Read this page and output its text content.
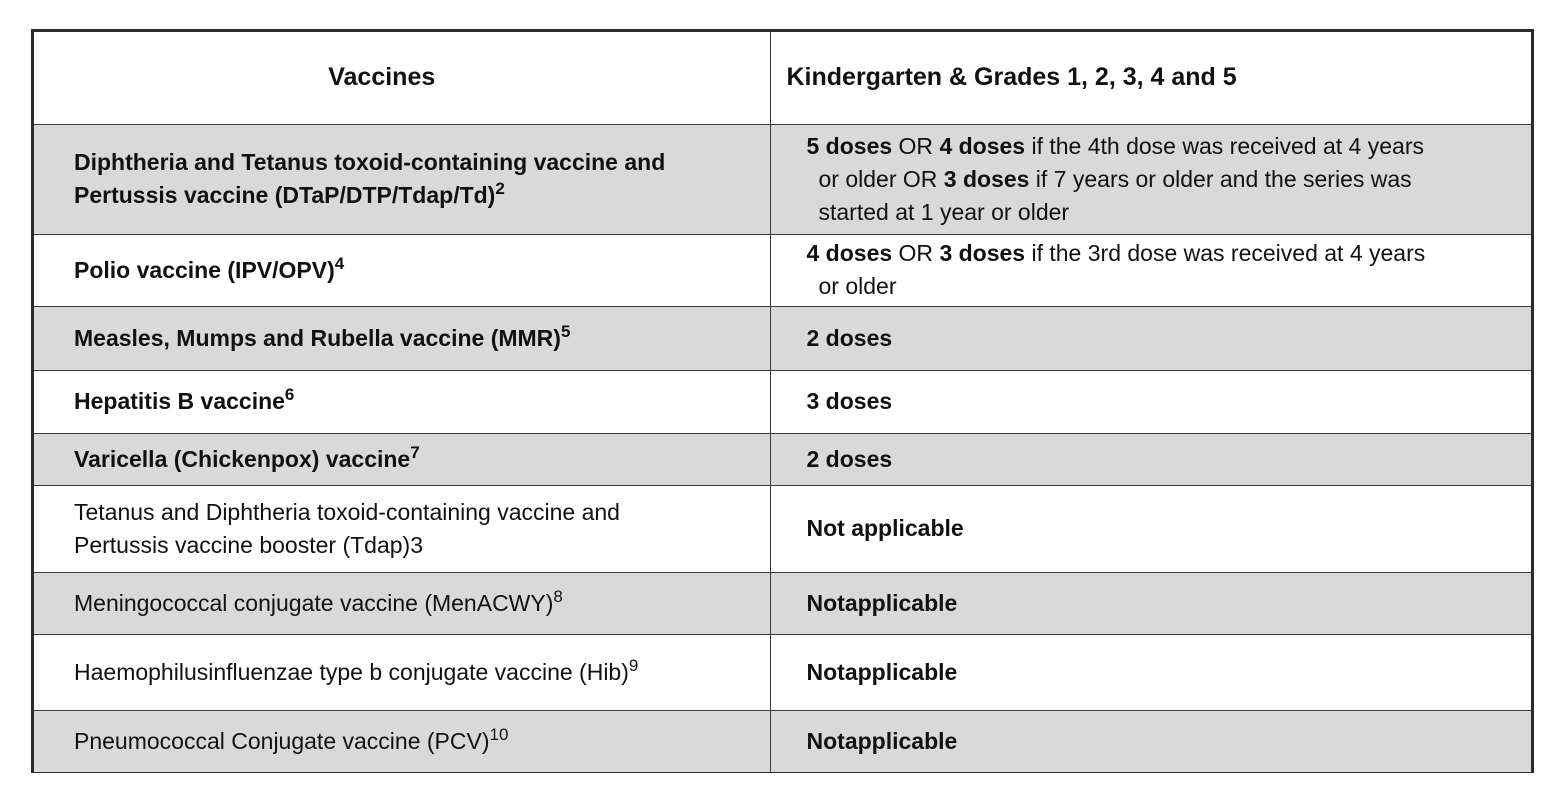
Vaccines	Kindergarten & Grades 1, 2, 3, 4 and 5

Diphtheria and Tetanus toxoid-containing vaccine and
Pertussis vaccine (DTaP/DTP/Tdap/Td)$^2$	5 doses OR 4 doses if the 4th dose was received at 4 years
or older OR 3 doses if 7 years or older and the series was
started at 1 year or older

Polio vaccine $(IPV/OPV)^4$	4 doses OR 3 doses if the 3rd dose was received at 4 years
or older

Measles, Mumps and Rubella vaccine (MMR)$^5$	2 doses
Hepatitis B vaccine$^6$	3 doses
Varicella (Chickenpox) vaccine$^7$	2 doses

Tetanus and Diphtheria toxoid-containing vaccine and
Pertussis vaccine booster (Tdap)3	Not applicable
Meningococcal conjugate vaccine (MenACWY)$^8$	Notapplicable
Haemophilusinfluenzae type b conjugate vaccine (Hib)$^9$	Notapplicable
Pneumococcal Conjugate vaccine (PCV)$^{10}$	Notapplicable
